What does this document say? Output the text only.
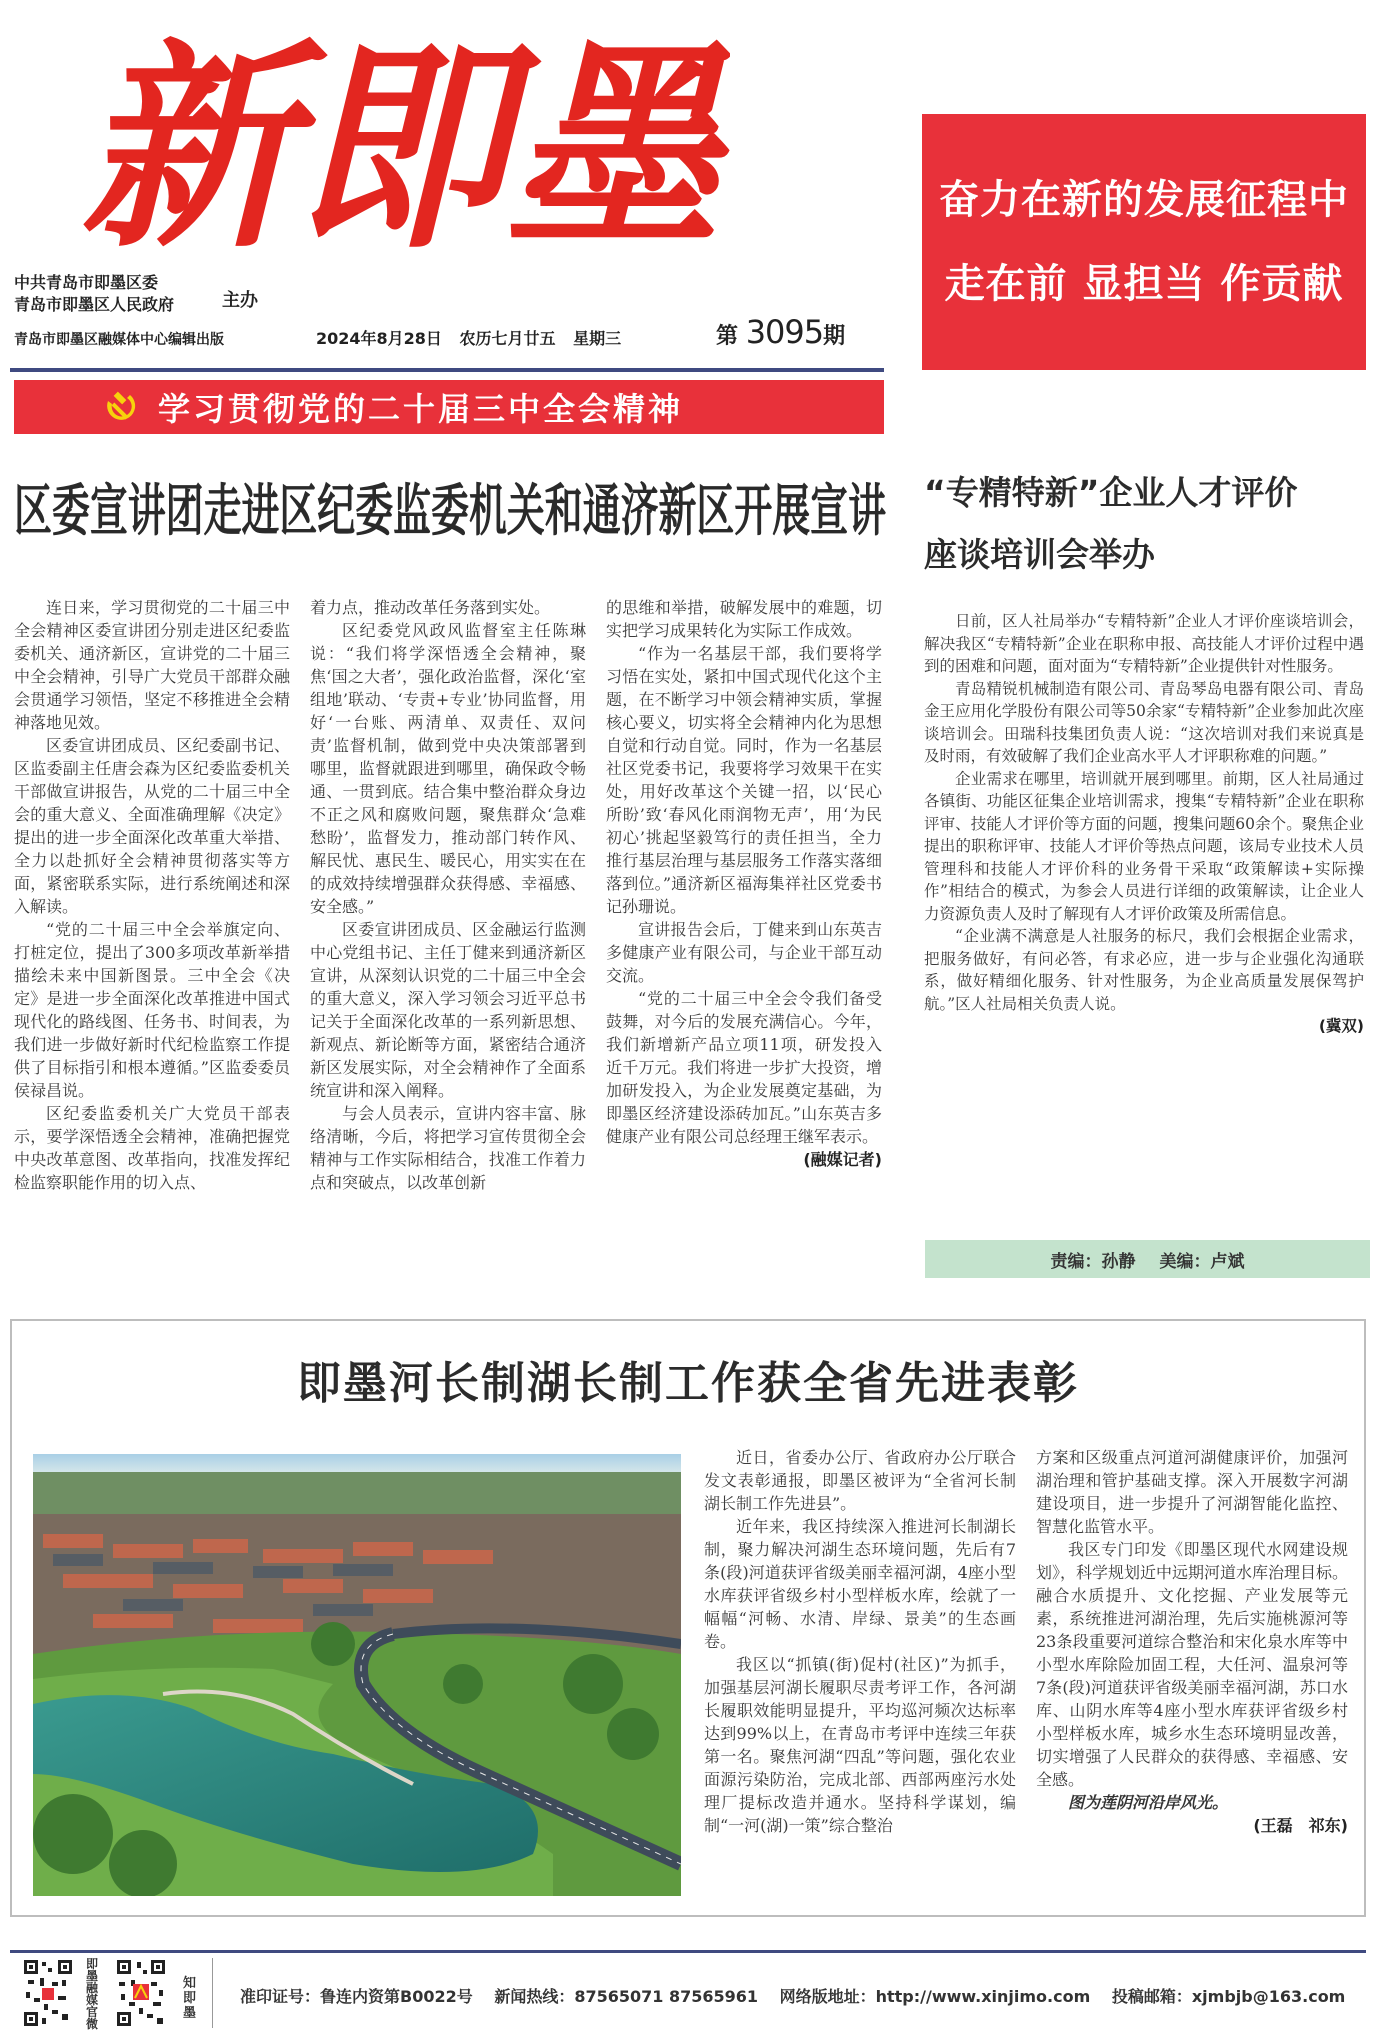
新即墨
中共青岛市即墨区委
青岛市即墨区人民政府	主办
青岛市即墨区融媒体中心编辑出版	2024年8月28日 农历七月廿五 星期三	第 3095期
奋力在新的发展征程中
走在前 显担当 作贡献
学习贯彻党的二十届三中全会精神
区委宣讲团走进区纪委监委机关和通济新区开展宣讲

连日来，学习贯彻党的二十届三中全会精神区委宣讲团分别走进区纪委监委机关、通济新区，宣讲党的二十届三中全会精神，引导广大党员干部群众融会贯通学习领悟，坚定不移推进全会精神落地见效。

区委宣讲团成员、区纪委副书记、区监委副主任唐会森为区纪委监委机关干部做宣讲报告，从党的二十届三中全会的重大意义、全面准确理解《决定》提出的进一步全面深化改革重大举措、全力以赴抓好全会精神贯彻落实等方面，紧密联系实际，进行系统阐述和深入解读。

“党的二十届三中全会举旗定向、打桩定位，提出了300多项改革新举措描绘未来中国新图景。三中全会《决定》是进一步全面深化改革推进中国式现代化的路线图、任务书、时间表，为我们进一步做好新时代纪检监察工作提供了目标指引和根本遵循。”区监委委员侯禄昌说。

区纪委监委机关广大党员干部表示，要学深悟透全会精神，准确把握党中央改革意图、改革指向，找准发挥纪检监察职能作用的切入点、

着力点，推动改革任务落到实处。

区纪委党风政风监督室主任陈琳说：“我们将学深悟透全会精神，聚焦‘国之大者’，强化政治监督，深化‘室组地’联动、‘专责+专业’协同监督，用好‘一台账、两清单、双责任、双问责’监督机制，做到党中央决策部署到哪里，监督就跟进到哪里，确保政令畅通、一贯到底。结合集中整治群众身边不正之风和腐败问题，聚焦群众‘急难愁盼’，监督发力，推动部门转作风、解民忧、惠民生、暖民心，用实实在在的成效持续增强群众获得感、幸福感、安全感。”

区委宣讲团成员、区金融运行监测中心党组书记、主任丁健来到通济新区宣讲，从深刻认识党的二十届三中全会的重大意义，深入学习领会习近平总书记关于全面深化改革的一系列新思想、新观点、新论断等方面，紧密结合通济新区发展实际，对全会精神作了全面系统宣讲和深入阐释。

与会人员表示，宣讲内容丰富、脉络清晰，今后，将把学习宣传贯彻全会精神与工作实际相结合，找准工作着力点和突破点，以改革创新

的思维和举措，破解发展中的难题，切实把学习成果转化为实际工作成效。

“作为一名基层干部，我们要将学习悟在实处，紧扣中国式现代化这个主题，在不断学习中领会精神实质，掌握核心要义，切实将全会精神内化为思想自觉和行动自觉。同时，作为一名基层社区党委书记，我要将学习效果干在实处，用好改革这个关键一招，以‘民心所盼’致‘春风化雨润物无声’，用‘为民初心’挑起坚毅笃行的责任担当，全力推行基层治理与基层服务工作落实落细落到位。”通济新区福海集祥社区党委书记孙珊说。

宣讲报告会后，丁健来到山东英吉多健康产业有限公司，与企业干部互动交流。

“党的二十届三中全会令我们备受鼓舞，对今后的发展充满信心。今年，我们新增新产品立项11项，研发投入近千万元。我们将进一步扩大投资，增加研发投入，为企业发展奠定基础，为即墨区经济建设添砖加瓦。”山东英吉多健康产业有限公司总经理王继军表示。

(融媒记者)

“专精特新”企业人才评价
座谈培训会举办

日前，区人社局举办“专精特新”企业人才评价座谈培训会，解决我区“专精特新”企业在职称申报、高技能人才评价过程中遇到的困难和问题，面对面为“专精特新”企业提供针对性服务。

青岛精锐机械制造有限公司、青岛琴岛电器有限公司、青岛金王应用化学股份有限公司等50余家“专精特新”企业参加此次座谈培训会。田瑞科技集团负责人说：“这次培训对我们来说真是及时雨，有效破解了我们企业高水平人才评职称难的问题。”

企业需求在哪里，培训就开展到哪里。前期，区人社局通过各镇街、功能区征集企业培训需求，搜集“专精特新”企业在职称评审、技能人才评价等方面的问题，搜集问题60余个。聚焦企业提出的职称评审、技能人才评价等热点问题，该局专业技术人员管理科和技能人才评价科的业务骨干采取“政策解读+实际操作”相结合的模式，为参会人员进行详细的政策解读，让企业人力资源负责人及时了解现有人才评价政策及所需信息。

“企业满不满意是人社服务的标尺，我们会根据企业需求，把服务做好，有问必答，有求必应，进一步与企业强化沟通联系，做好精细化服务、针对性服务，为企业高质量发展保驾护航。”区人社局相关负责人说。

(冀双)

责编：孙静 美编：卢斌
即墨河长制湖长制工作获全省先进表彰

近日，省委办公厅、省政府办公厅联合发文表彰通报，即墨区被评为“全省河长制湖长制工作先进县”。

近年来，我区持续深入推进河长制湖长制，聚力解决河湖生态环境问题，先后有7条(段)河道获评省级美丽幸福河湖，4座小型水库获评省级乡村小型样板水库，绘就了一幅幅“河畅、水清、岸绿、景美”的生态画卷。

我区以“抓镇(街)促村(社区)”为抓手，加强基层河湖长履职尽责考评工作，各河湖长履职效能明显提升，平均巡河频次达标率达到99%以上，在青岛市考评中连续三年获第一名。聚焦河湖“四乱”等问题，强化农业面源污染防治，完成北部、西部两座污水处理厂提标改造并通水。坚持科学谋划，编制“一河(湖)一策”综合整治

方案和区级重点河道河湖健康评价，加强河湖治理和管护基础支撑。深入开展数字河湖建设项目，进一步提升了河湖智能化监控、智慧化监管水平。

我区专门印发《即墨区现代水网建设规划》，科学规划近中远期河道水库治理目标。融合水质提升、文化挖掘、产业发展等元素，系统推进河湖治理，先后实施桃源河等23条段重要河道综合整治和宋化泉水库等中小型水库除险加固工程，大任河、温泉河等7条(段)河道获评省级美丽幸福河湖，苏口水库、山阴水库等4座小型水库获评省级乡村小型样板水库，城乡水生态环境明显改善，切实增强了人民群众的获得感、幸福感、安全感。

图为莲阴河沿岸风光。

(王磊　祁东)

即墨融媒官微
知即墨
准印证号：鲁连内资第B0022号 新闻热线：87565071 87565961 网络版地址：http://www.xinjimo.com 投稿邮箱：xjmbjb@163.com
